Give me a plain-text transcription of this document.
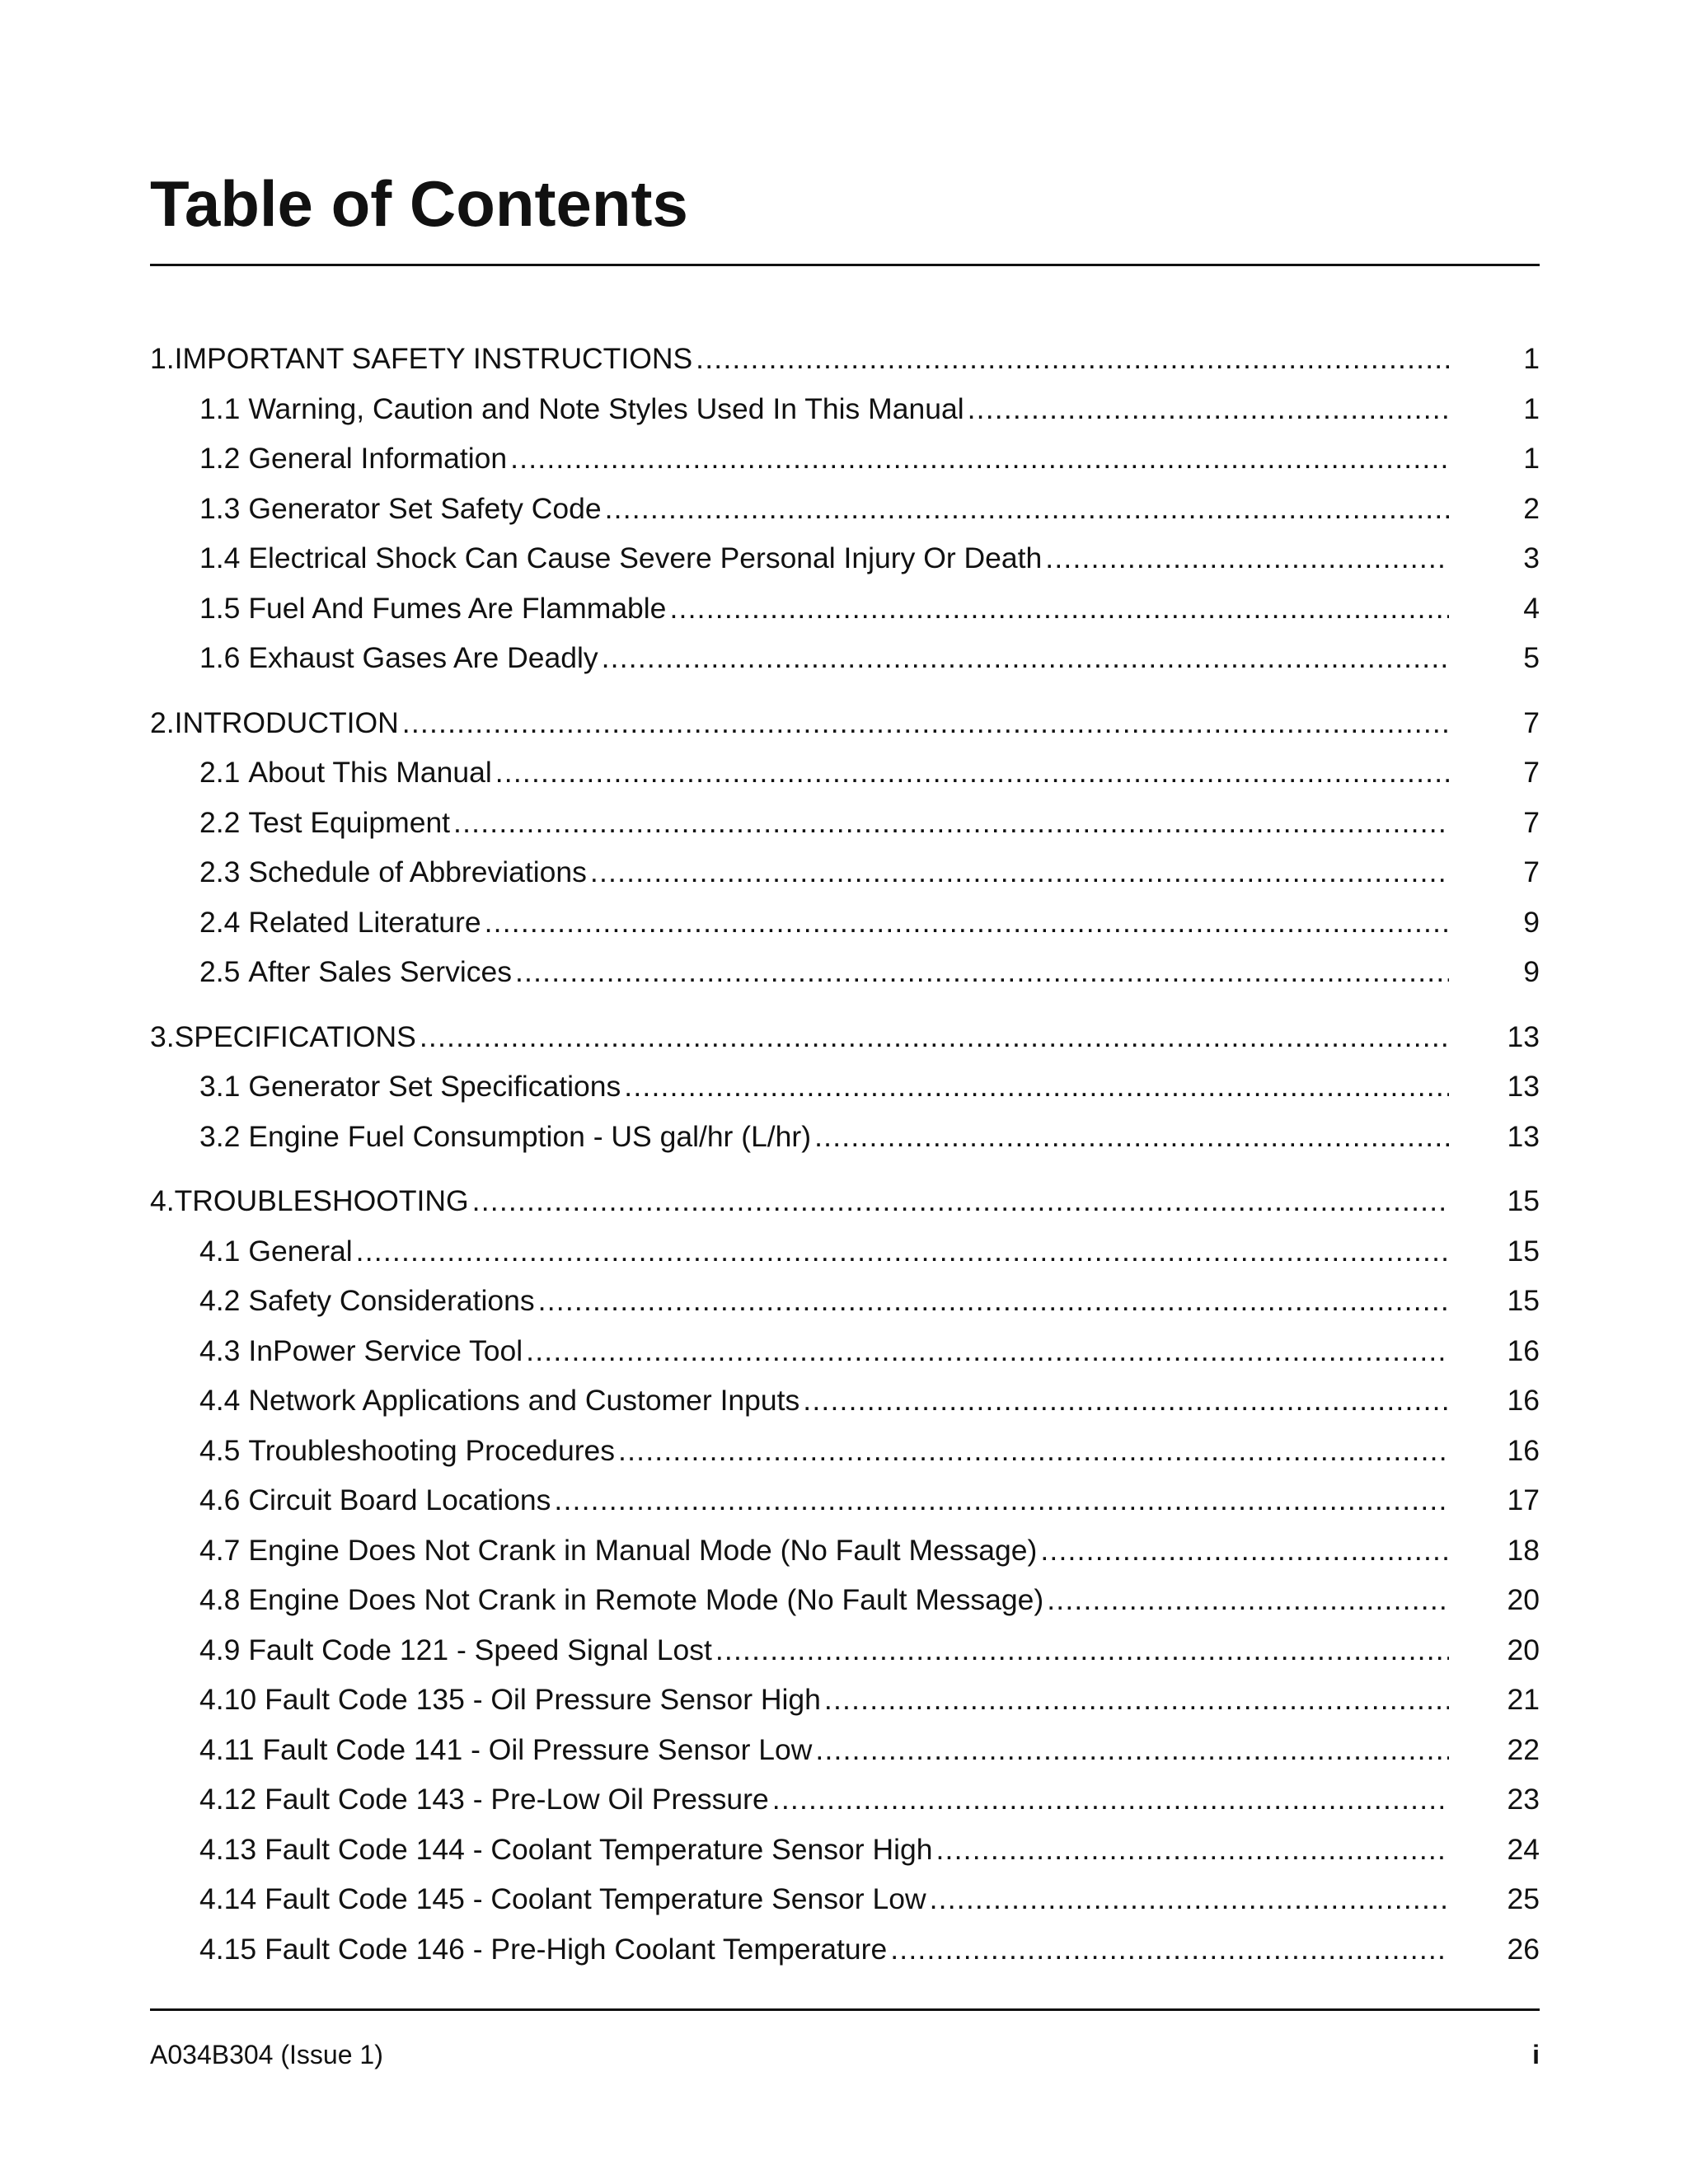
Table of Contents
1. IMPORTANT SAFETY INSTRUCTIONS .....	1
1.1 Warning, Caution and Note Styles Used In This Manual .....	1
1.2 General Information .....	1
1.3 Generator Set Safety Code .....	2
1.4 Electrical Shock Can Cause Severe Personal Injury Or Death .....	3
1.5 Fuel And Fumes Are Flammable .....	4
1.6 Exhaust Gases Are Deadly .....	5
2. INTRODUCTION .....	7
2.1 About This Manual .....	7
2.2 Test Equipment .....	7
2.3 Schedule of Abbreviations .....	7
2.4 Related Literature .....	9
2.5 After Sales Services .....	9
3. SPECIFICATIONS .....	13
3.1 Generator Set Specifications .....	13
3.2 Engine Fuel Consumption - US gal/hr (L/hr) .....	13
4. TROUBLESHOOTING .....	15
4.1 General .....	15
4.2 Safety Considerations .....	15
4.3 InPower Service Tool .....	16
4.4 Network Applications and Customer Inputs .....	16
4.5 Troubleshooting Procedures .....	16
4.6 Circuit Board Locations .....	17
4.7 Engine Does Not Crank in Manual Mode (No Fault Message) .....	18
4.8 Engine Does Not Crank in Remote Mode (No Fault Message) .....	20
4.9 Fault Code 121 - Speed Signal Lost .....	20
4.10 Fault Code 135 - Oil Pressure Sensor High .....	21
4.11 Fault Code 141 - Oil Pressure Sensor Low .....	22
4.12 Fault Code 143 - Pre-Low Oil Pressure .....	23
4.13 Fault Code 144 - Coolant Temperature Sensor High .....	24
4.14 Fault Code 145 - Coolant Temperature Sensor Low .....	25
4.15 Fault Code 146 - Pre-High Coolant Temperature .....	26
A034B304 (Issue 1)	i
